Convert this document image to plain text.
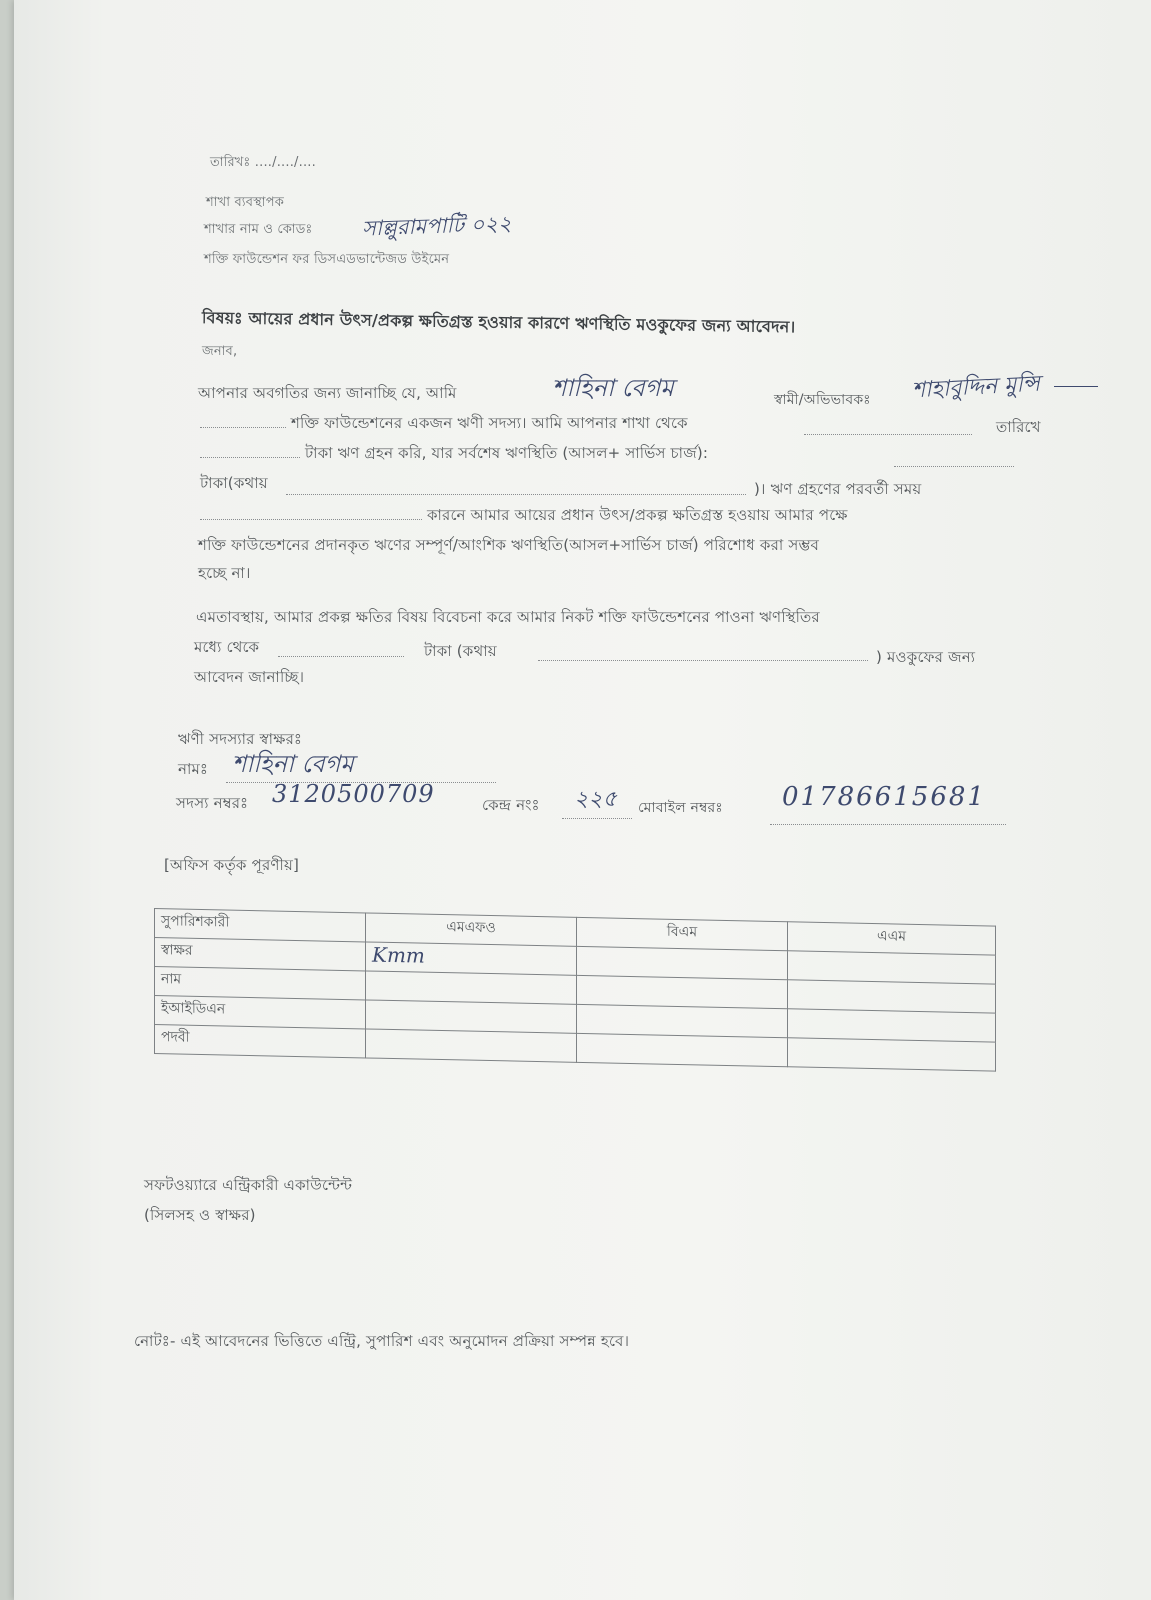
তারিখঃ ..../..../....
শাখা ব্যবস্থাপক
শাখার নাম ও কোডঃ সাল্লুরামপাটি ০২২
শক্তি ফাউন্ডেশন ফর ডিসএডভান্টেজড উইমেন
বিষয়ঃ আয়ের প্রধান উৎস/প্রকল্প ক্ষতিগ্রস্ত হওয়ার কারণে ঋণস্থিতি মওকুফের জন্য আবেদন।
জনাব,
আপনার অবগতির জন্য জানাচ্ছি যে, আমি	শাহিনা বেগম	স্বামী/অভিভাবকঃ শাহাবুদ্দিন মুন্সি
শক্তি ফাউন্ডেশনের একজন ঋণী সদস্য। আমি আপনার শাখা থেকে	তারিখে
টাকা ঋণ গ্রহন করি, যার সর্বশেষ ঋণস্থিতি (আসল+ সার্ভিস চার্জ):
টাকা(কথায়	)। ঋণ গ্রহণের পরবর্তী সময়
কারনে আমার আয়ের প্রধান উৎস/প্রকল্প ক্ষতিগ্রস্ত হওয়ায় আমার পক্ষে
শক্তি ফাউন্ডেশনের প্রদানকৃত ঋণের সম্পূর্ণ/আংশিক ঋণস্থিতি(আসল+সার্ভিস চার্জ) পরিশোধ করা সম্ভব
হচ্ছে না।
এমতাবস্থায়, আমার প্রকল্প ক্ষতির বিষয় বিবেচনা করে আমার নিকট শক্তি ফাউন্ডেশনের পাওনা ঋণস্থিতির
মধ্যে থেকে	টাকা (কথায়	) মওকুফের জন্য
আবেদন জানাচ্ছি।
ঋণী সদস্যার স্বাক্ষরঃ
নামঃ শাহিনা বেগম
সদস্য নম্বরঃ 3120500709	কেন্দ্র নংঃ ২২৫ মোবাইল নম্বরঃ 01786615681
[অফিস কর্তৃক পূরণীয়]
সুপারিশকারী	এমএফও	বিএম	এএম
স্বাক্ষর	Kmm		
নাম			
ইআইডিএন			
পদবী			
সফটওয়্যারে এন্ট্রিকারী একাউন্টেন্ট
(সিলসহ ও স্বাক্ষর)
নোটঃ- এই আবেদনের ভিত্তিতে এন্ট্রি, সুপারিশ এবং অনুমোদন প্রক্রিয়া সম্পন্ন হবে।
